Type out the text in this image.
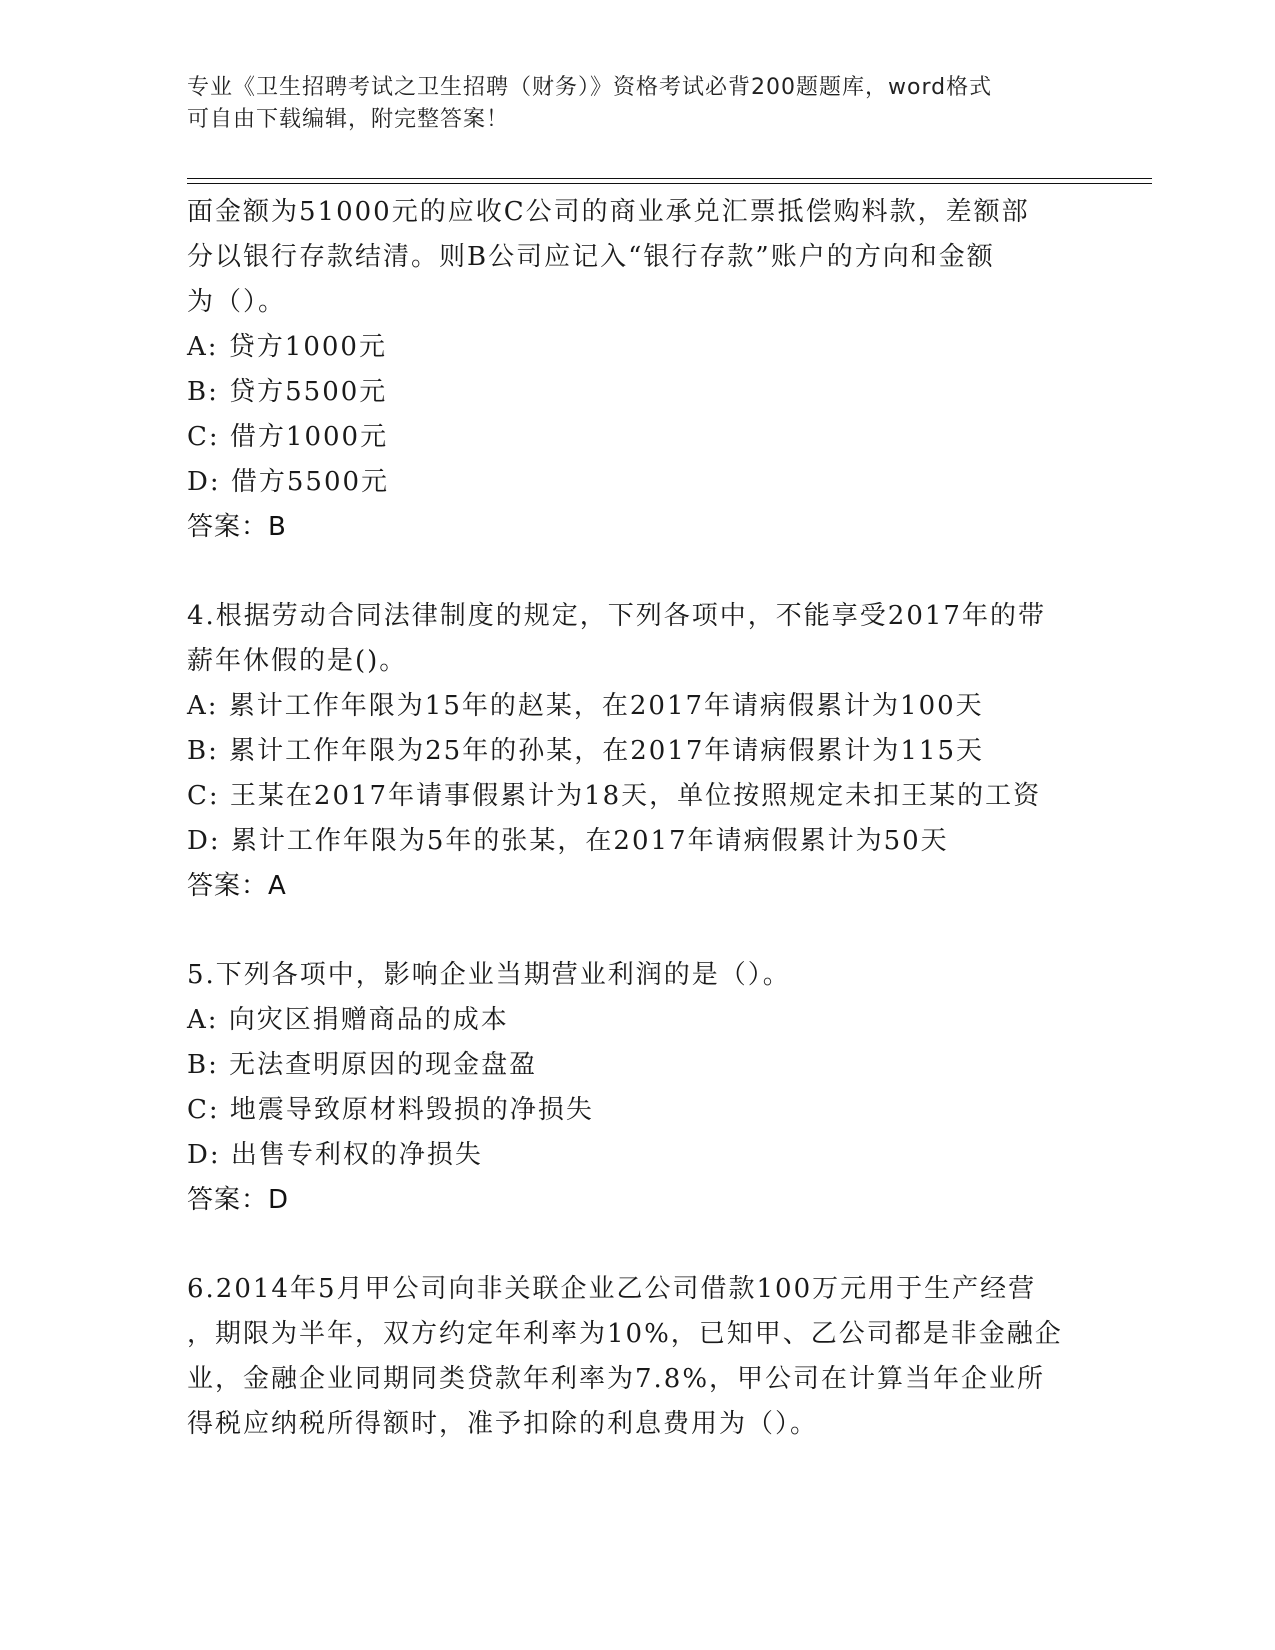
专业《卫生招聘考试之卫生招聘（财务）》资格考试必背200题题库，word格式
可自由下载编辑，附完整答案！
面金额为51000元的应收C公司的商业承兑汇票抵偿购料款，差额部
分以银行存款结清。则B公司应记入“银行存款”账户的方向和金额
为（）。
A: 贷方1000元
B: 贷方5500元
C: 借方1000元
D: 借方5500元
答案：B
4.根据劳动合同法律制度的规定，下列各项中，不能享受2017年的带
薪年休假的是()。
A: 累计工作年限为15年的赵某，在2017年请病假累计为100天
B: 累计工作年限为25年的孙某，在2017年请病假累计为115天
C: 王某在2017年请事假累计为18天，单位按照规定未扣王某的工资
D: 累计工作年限为5年的张某，在2017年请病假累计为50天
答案：A
5.下列各项中，影响企业当期营业利润的是（）。
A: 向灾区捐赠商品的成本
B: 无法查明原因的现金盘盈
C: 地震导致原材料毁损的净损失
D: 出售专利权的净损失
答案：D
6.2014年5月甲公司向非关联企业乙公司借款100万元用于生产经营
，期限为半年，双方约定年利率为10%，已知甲、乙公司都是非金融企
业，金融企业同期同类贷款年利率为7.8%，甲公司在计算当年企业所
得税应纳税所得额时，准予扣除的利息费用为（）。
